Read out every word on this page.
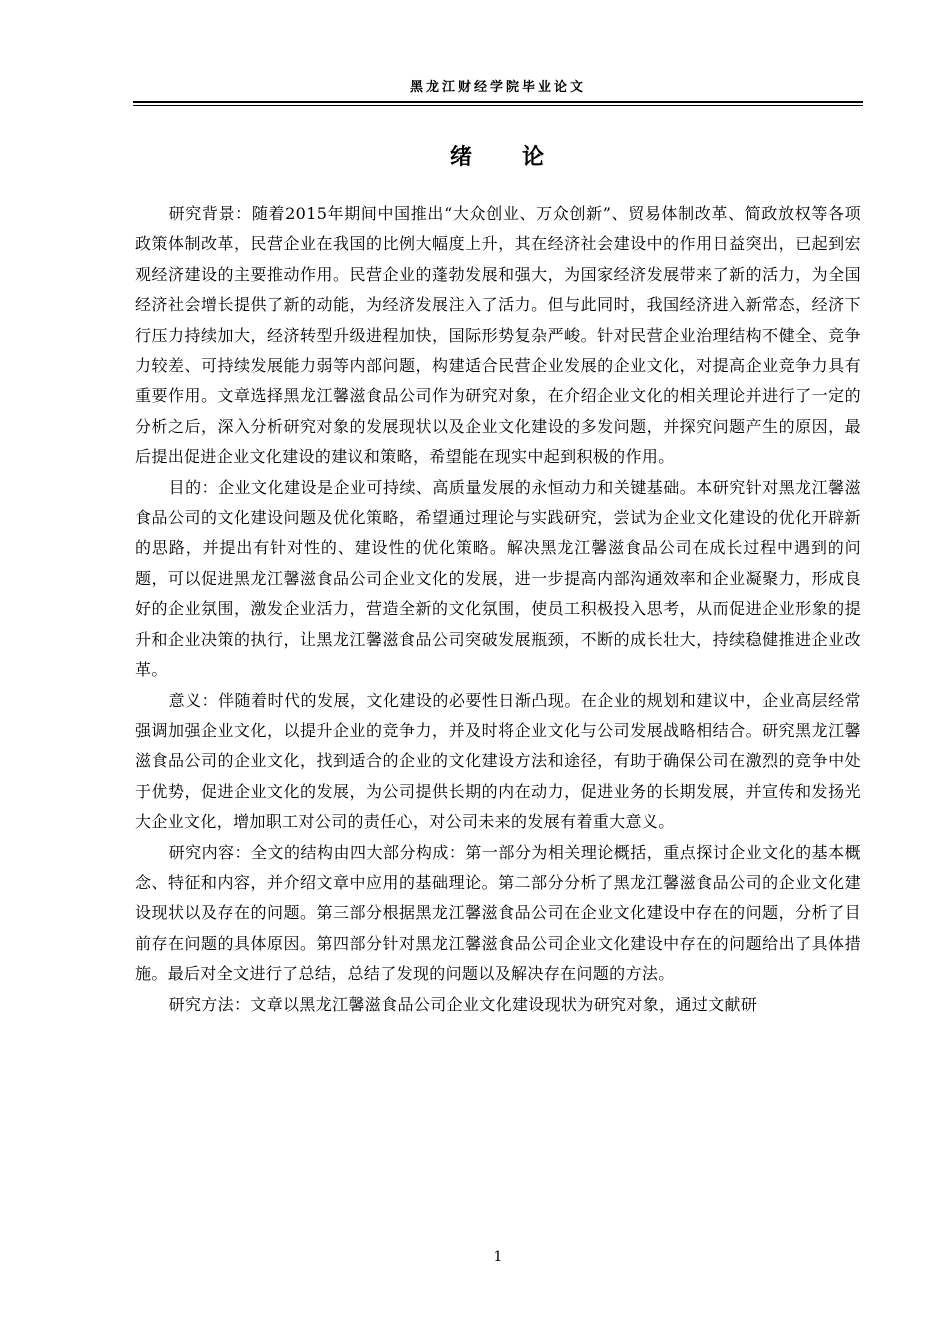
黑龙江财经学院毕业论文
绪 论

研究背景：随着2015年期间中国推出“大众创业、万众创新”、贸易体制改革、简政放权等各项政策体制改革，民营企业在我国的比例大幅度上升，其在经济社会建设中的作用日益突出，已起到宏观经济建设的主要推动作用。民营企业的蓬勃发展和强大，为国家经济发展带来了新的活力，为全国经济社会增长提供了新的动能，为经济发展注入了活力。但与此同时，我国经济进入新常态，经济下行压力持续加大，经济转型升级进程加快，国际形势复杂严峻。针对民营企业治理结构不健全、竞争力较差、可持续发展能力弱等内部问题，构建适合民营企业发展的企业文化，对提高企业竞争力具有重要作用。文章选择黑龙江馨滋食品公司作为研究对象，在介绍企业文化的相关理论并进行了一定的分析之后，深入分析研究对象的发展现状以及企业文化建设的多发问题，并探究问题产生的原因，最后提出促进企业文化建设的建议和策略，希望能在现实中起到积极的作用。

目的：企业文化建设是企业可持续、高质量发展的永恒动力和关键基础。本研究针对黑龙江馨滋食品公司的文化建设问题及优化策略，希望通过理论与实践研究，尝试为企业文化建设的优化开辟新的思路，并提出有针对性的、建设性的优化策略。解决黑龙江馨滋食品公司在成长过程中遇到的问题，可以促进黑龙江馨滋食品公司企业文化的发展，进一步提高内部沟通效率和企业凝聚力，形成良好的企业氛围，激发企业活力，营造全新的文化氛围，使员工积极投入思考，从而促进企业形象的提升和企业决策的执行，让黑龙江馨滋食品公司突破发展瓶颈，不断的成长壮大，持续稳健推进企业改革。

意义：伴随着时代的发展，文化建设的必要性日渐凸现。在企业的规划和建议中，企业高层经常强调加强企业文化，以提升企业的竞争力，并及时将企业文化与公司发展战略相结合。研究黑龙江馨滋食品公司的企业文化，找到适合的企业的文化建设方法和途径，有助于确保公司在激烈的竞争中处于优势，促进企业文化的发展，为公司提供长期的内在动力，促进业务的长期发展，并宣传和发扬光大企业文化，增加职工对公司的责任心，对公司未来的发展有着重大意义。

研究内容：全文的结构由四大部分构成：第一部分为相关理论概括，重点探讨企业文化的基本概念、特征和内容，并介绍文章中应用的基础理论。第二部分分析了黑龙江馨滋食品公司的企业文化建设现状以及存在的问题。第三部分根据黑龙江馨滋食品公司在企业文化建设中存在的问题，分析了目前存在问题的具体原因。第四部分针对黑龙江馨滋食品公司企业文化建设中存在的问题给出了具体措施。最后对全文进行了总结，总结了发现的问题以及解决存在问题的方法。

研究方法：文章以黑龙江馨滋食品公司企业文化建设现状为研究对象，通过文献研

1
